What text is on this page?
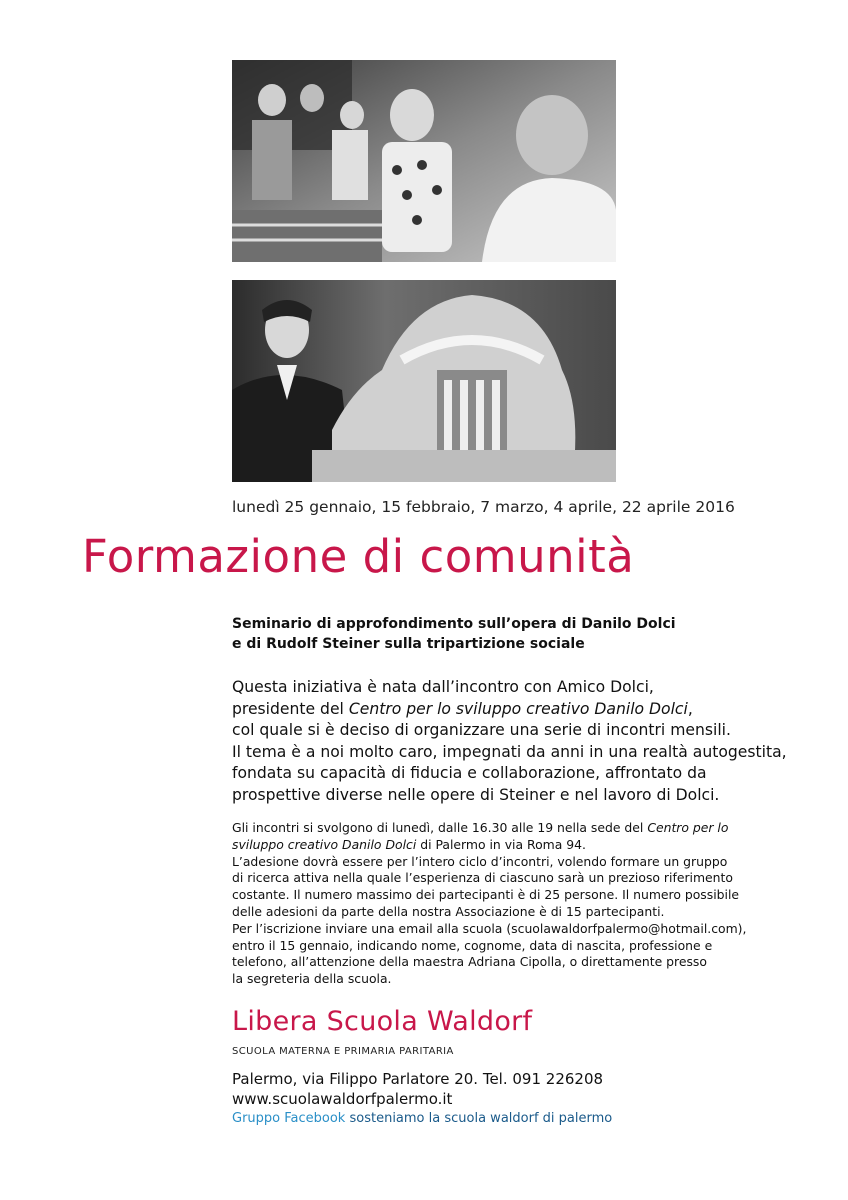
lunedì 25 gennaio, 15 febbraio, 7 marzo, 4 aprile, 22 aprile 2016
Formazione di comunità
Seminario di approfondimento sull’opera di Danilo Dolci
e di Rudolf Steiner sulla tripartizione sociale
Questa iniziativa è nata dall’incontro con Amico Dolci,
presidente del Centro per lo sviluppo creativo Danilo Dolci,
col quale si è deciso di organizzare una serie di incontri mensili.
Il tema è a noi molto caro, impegnati da anni in una realtà autogestita,
fondata su capacità di fiducia e collaborazione, affrontato da
prospettive diverse nelle opere di Steiner e nel lavoro di Dolci.
Gli incontri si svolgono di lunedì, dalle 16.30 alle 19 nella sede del Centro per lo
sviluppo creativo Danilo Dolci di Palermo in via Roma 94.
L’adesione dovrà essere per l’intero ciclo d’incontri, volendo formare un gruppo
di ricerca attiva nella quale l’esperienza di ciascuno sarà un prezioso riferimento
costante. Il numero massimo dei partecipanti è di 25 persone. Il numero possibile
delle adesioni da parte della nostra Associazione è di 15 partecipanti.
Per l’iscrizione inviare una email alla scuola (scuolawaldorfpalermo@hotmail.com),
entro il 15 gennaio, indicando nome, cognome, data di nascita, professione e
telefono, all’attenzione della maestra Adriana Cipolla, o direttamente presso
la segreteria della scuola.
Libera Scuola Waldorf
SCUOLA MATERNA E PRIMARIA PARITARIA
Palermo, via Filippo Parlatore 20. Tel. 091 226208
www.scuolawaldorfpalermo.it
Gruppo Facebook sosteniamo la scuola waldorf di palermo
